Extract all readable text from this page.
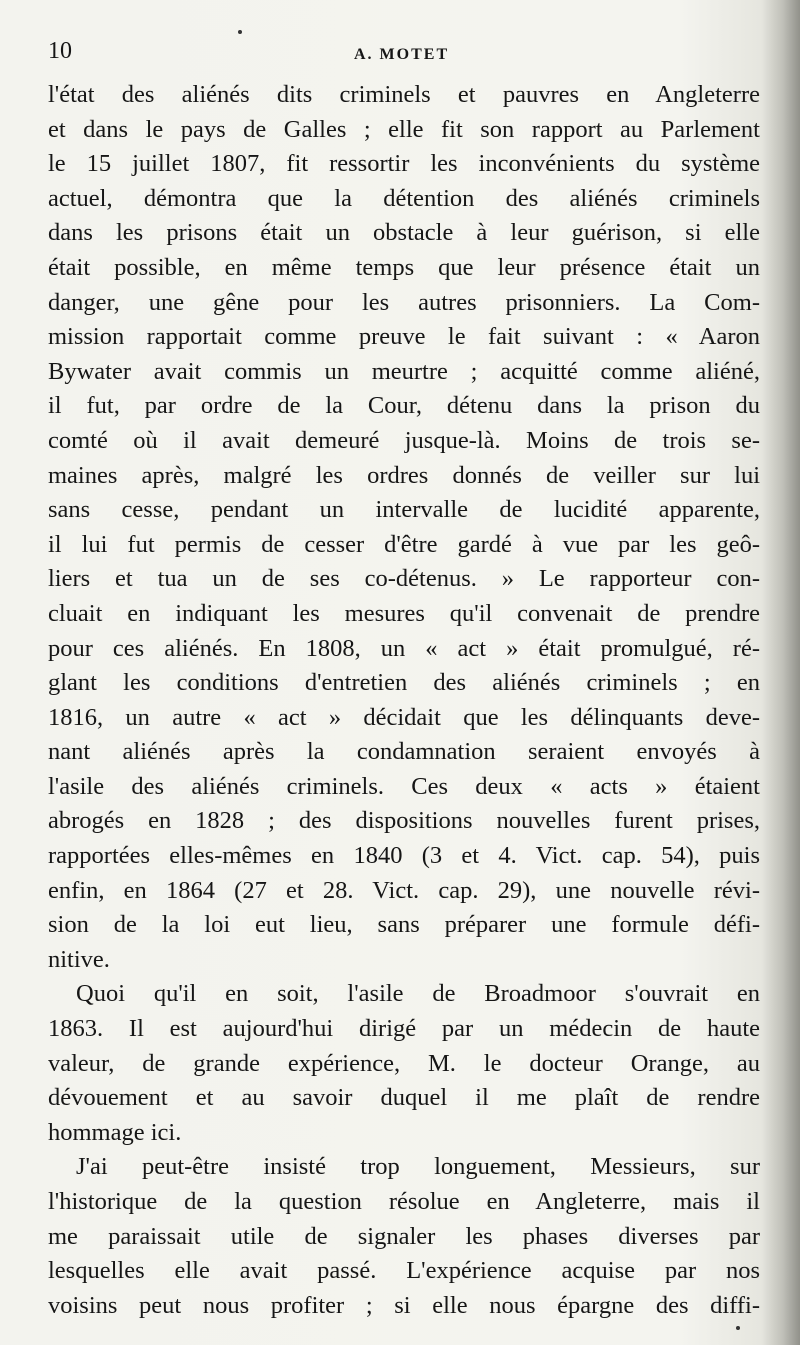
10	A. MOTET
l'état des aliénés dits criminels et pauvres en Angleterre
et dans le pays de Galles ; elle fit son rapport au Parlement
le 15 juillet 1807, fit ressortir les inconvénients du système
actuel, démontra que la détention des aliénés criminels
dans les prisons était un obstacle à leur guérison, si elle
était possible, en même temps que leur présence était un
danger, une gêne pour les autres prisonniers. La Com-
mission rapportait comme preuve le fait suivant : « Aaron
Bywater avait commis un meurtre ; acquitté comme aliéné,
il fut, par ordre de la Cour, détenu dans la prison du
comté où il avait demeuré jusque-là. Moins de trois se-
maines après, malgré les ordres donnés de veiller sur lui
sans cesse, pendant un intervalle de lucidité apparente,
il lui fut permis de cesser d'être gardé à vue par les geô-
liers et tua un de ses co-détenus. » Le rapporteur con-
cluait en indiquant les mesures qu'il convenait de prendre
pour ces aliénés. En 1808, un « act » était promulgué, ré-
glant les conditions d'entretien des aliénés criminels ; en
1816, un autre « act » décidait que les délinquants deve-
nant aliénés après la condamnation seraient envoyés à
l'asile des aliénés criminels. Ces deux « acts » étaient
abrogés en 1828 ; des dispositions nouvelles furent prises,
rapportées elles-mêmes en 1840 (3 et 4. Vict. cap. 54), puis
enfin, en 1864 (27 et 28. Vict. cap. 29), une nouvelle révi-
sion de la loi eut lieu, sans préparer une formule défi-
nitive.
Quoi qu'il en soit, l'asile de Broadmoor s'ouvrait en
1863. Il est aujourd'hui dirigé par un médecin de haute
valeur, de grande expérience, M. le docteur Orange, au
dévouement et au savoir duquel il me plaît de rendre
hommage ici.
J'ai peut-être insisté trop longuement, Messieurs, sur
l'historique de la question résolue en Angleterre, mais il
me paraissait utile de signaler les phases diverses par
lesquelles elle avait passé. L'expérience acquise par nos
voisins peut nous profiter ; si elle nous épargne des diffi-
